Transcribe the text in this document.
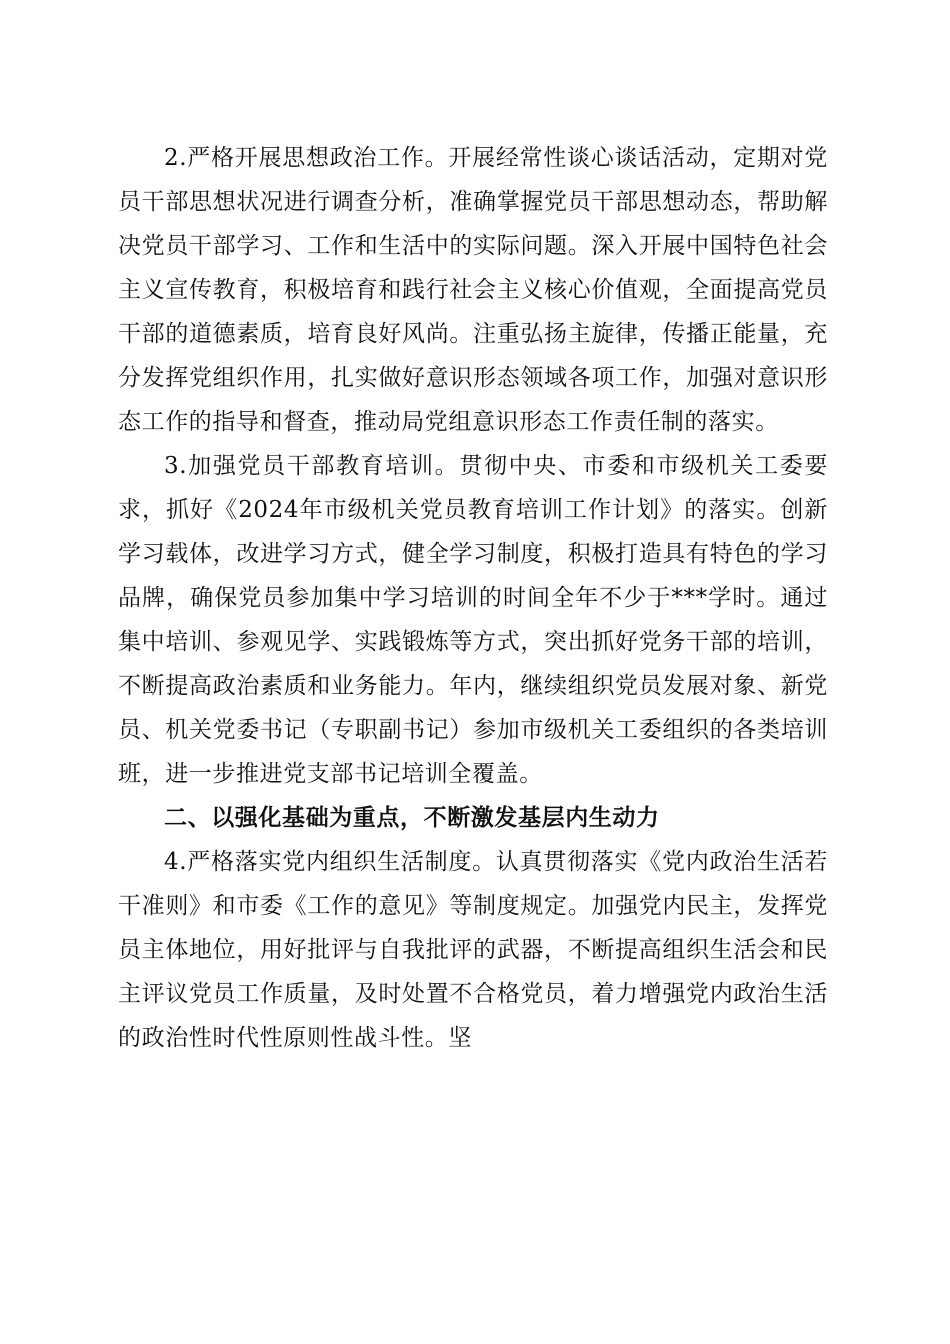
2.严格开展思想政治工作。开展经常性谈心谈话活动，定期对党员干部思想状况进行调查分析，准确掌握党员干部思想动态，帮助解决党员干部学习、工作和生活中的实际问题。深入开展中国特色社会主义宣传教育，积极培育和践行社会主义核心价值观，全面提高党员干部的道德素质，培育良好风尚。注重弘扬主旋律，传播正能量，充分发挥党组织作用，扎实做好意识形态领域各项工作，加强对意识形态工作的指导和督查，推动局党组意识形态工作责任制的落实。

3.加强党员干部教育培训。贯彻中央、市委和市级机关工委要求，抓好《2024年市级机关党员教育培训工作计划》的落实。创新学习载体，改进学习方式，健全学习制度，积极打造具有特色的学习品牌，确保党员参加集中学习培训的时间全年不少于***学时。通过集中培训、参观见学、实践锻炼等方式，突出抓好党务干部的培训，不断提高政治素质和业务能力。年内，继续组织党员发展对象、新党员、机关党委书记（专职副书记）参加市级机关工委组织的各类培训班，进一步推进党支部书记培训全覆盖。

二、以强化基础为重点，不断激发基层内生动力

4.严格落实党内组织生活制度。认真贯彻落实《党内政治生活若干准则》和市委《工作的意见》等制度规定。加强党内民主，发挥党员主体地位，用好批评与自我批评的武器，不断提高组织生活会和民主评议党员工作质量，及时处置不合格党员，着力增强党内政治生活的政治性时代性原则性战斗性。坚
